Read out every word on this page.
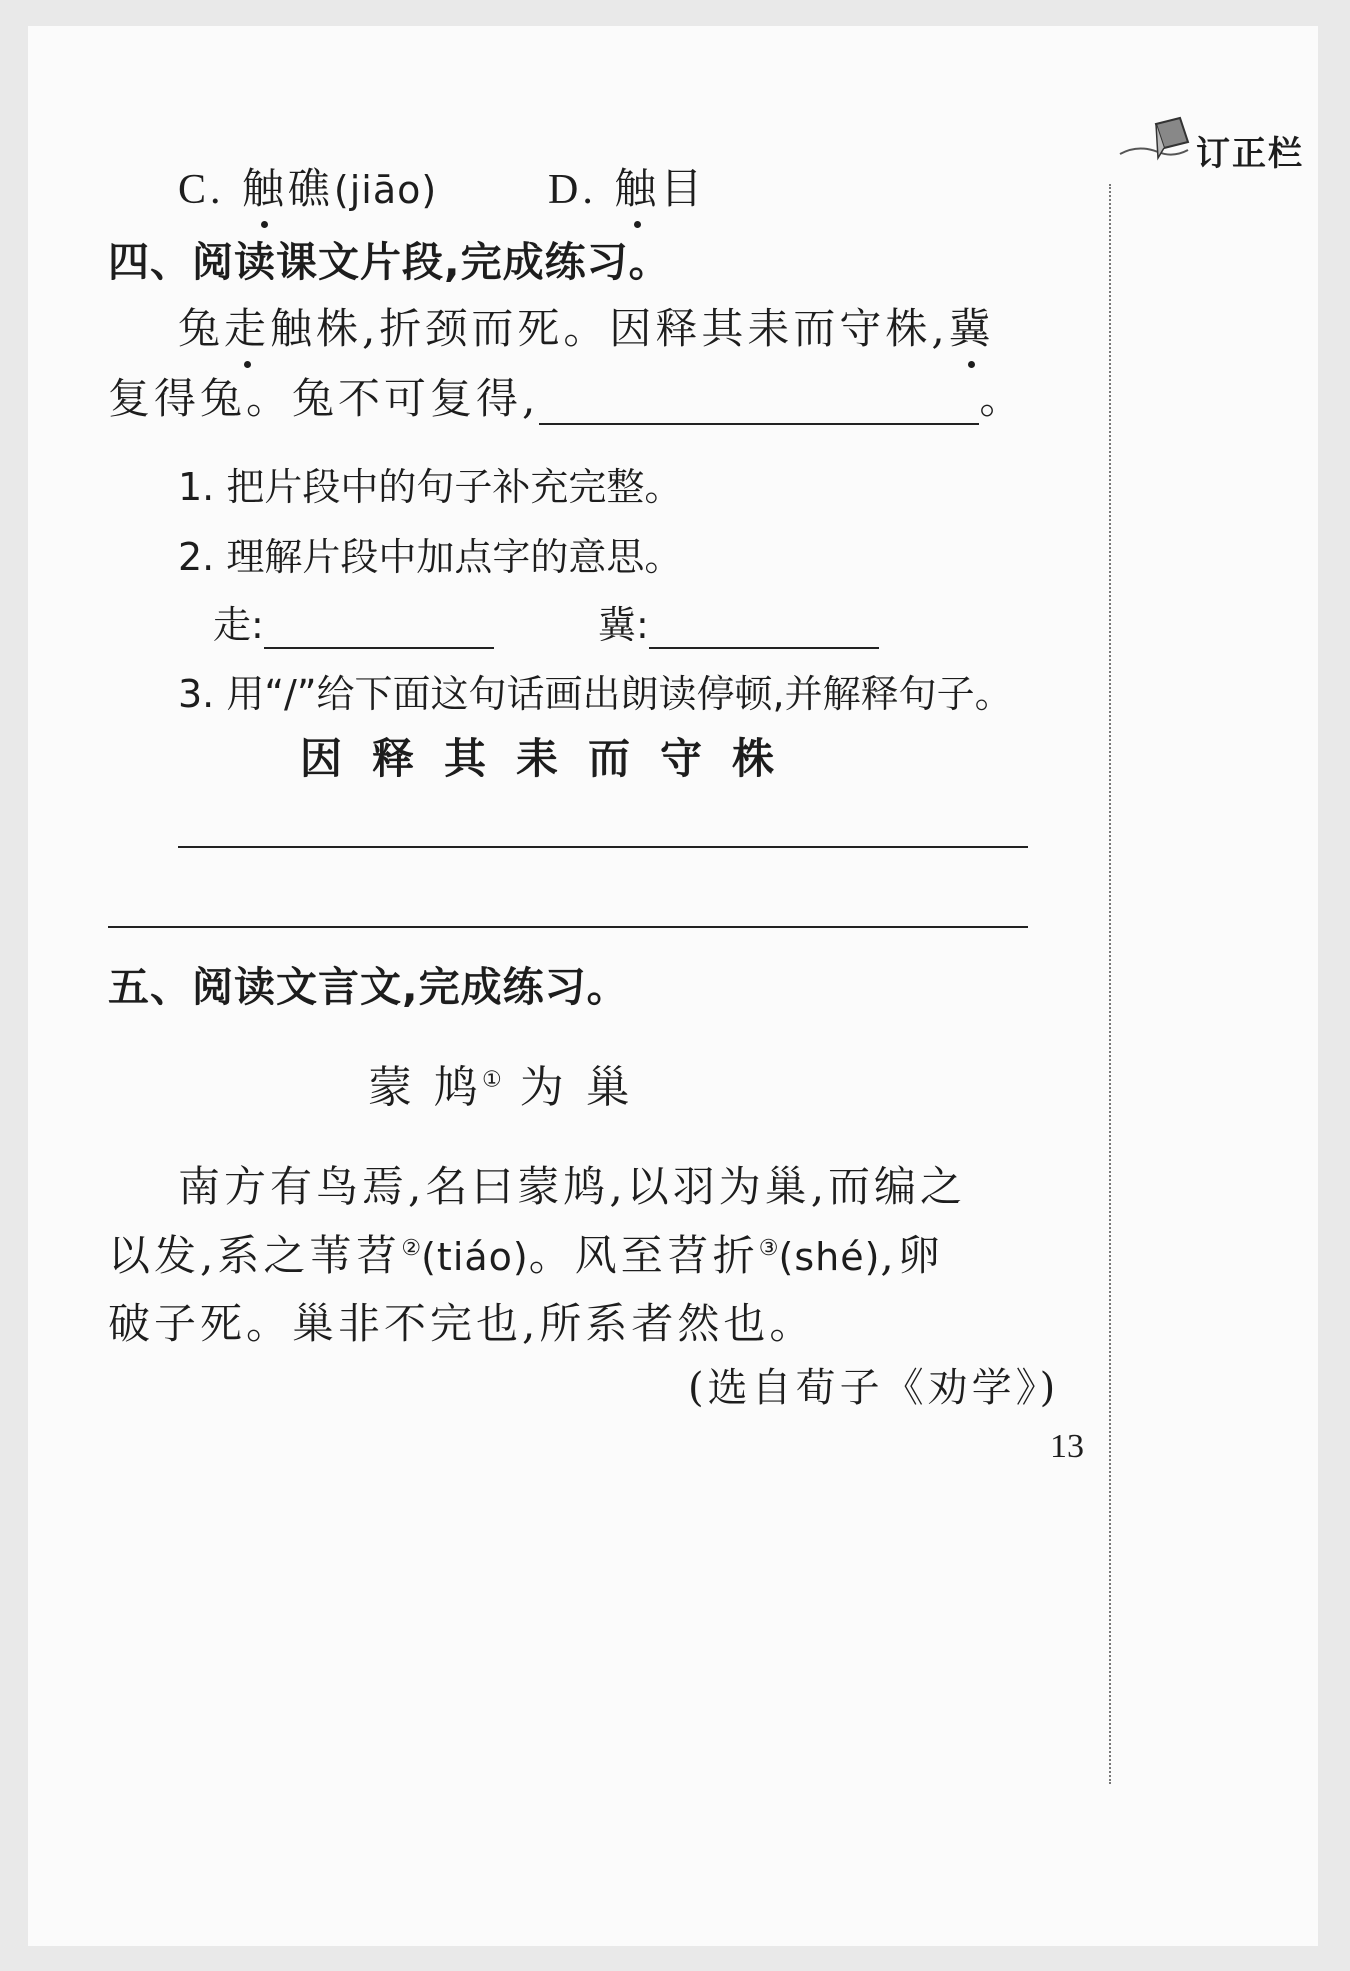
订正栏
C. 触礁(jiāo)	D. 触目
四、阅读课文片段,完成练习。
兔走触株,折颈而死。因释其耒而守株,冀
复得兔。兔不可复得,	。
1. 把片段中的句子补充完整。
2. 理解片段中加点字的意思。
走:	冀:
3. 用“/”给下面这句话画出朗读停顿,并解释句子。
因释其耒而守株
五、阅读文言文,完成练习。
蒙 鸠① 为 巢
南方有鸟焉,名曰蒙鸠,以羽为巢,而编之
以发,系之苇苕②(tiáo)。风至苕折③(shé),卵
破子死。巢非不完也,所系者然也。
(选自荀子《劝学》)
13
